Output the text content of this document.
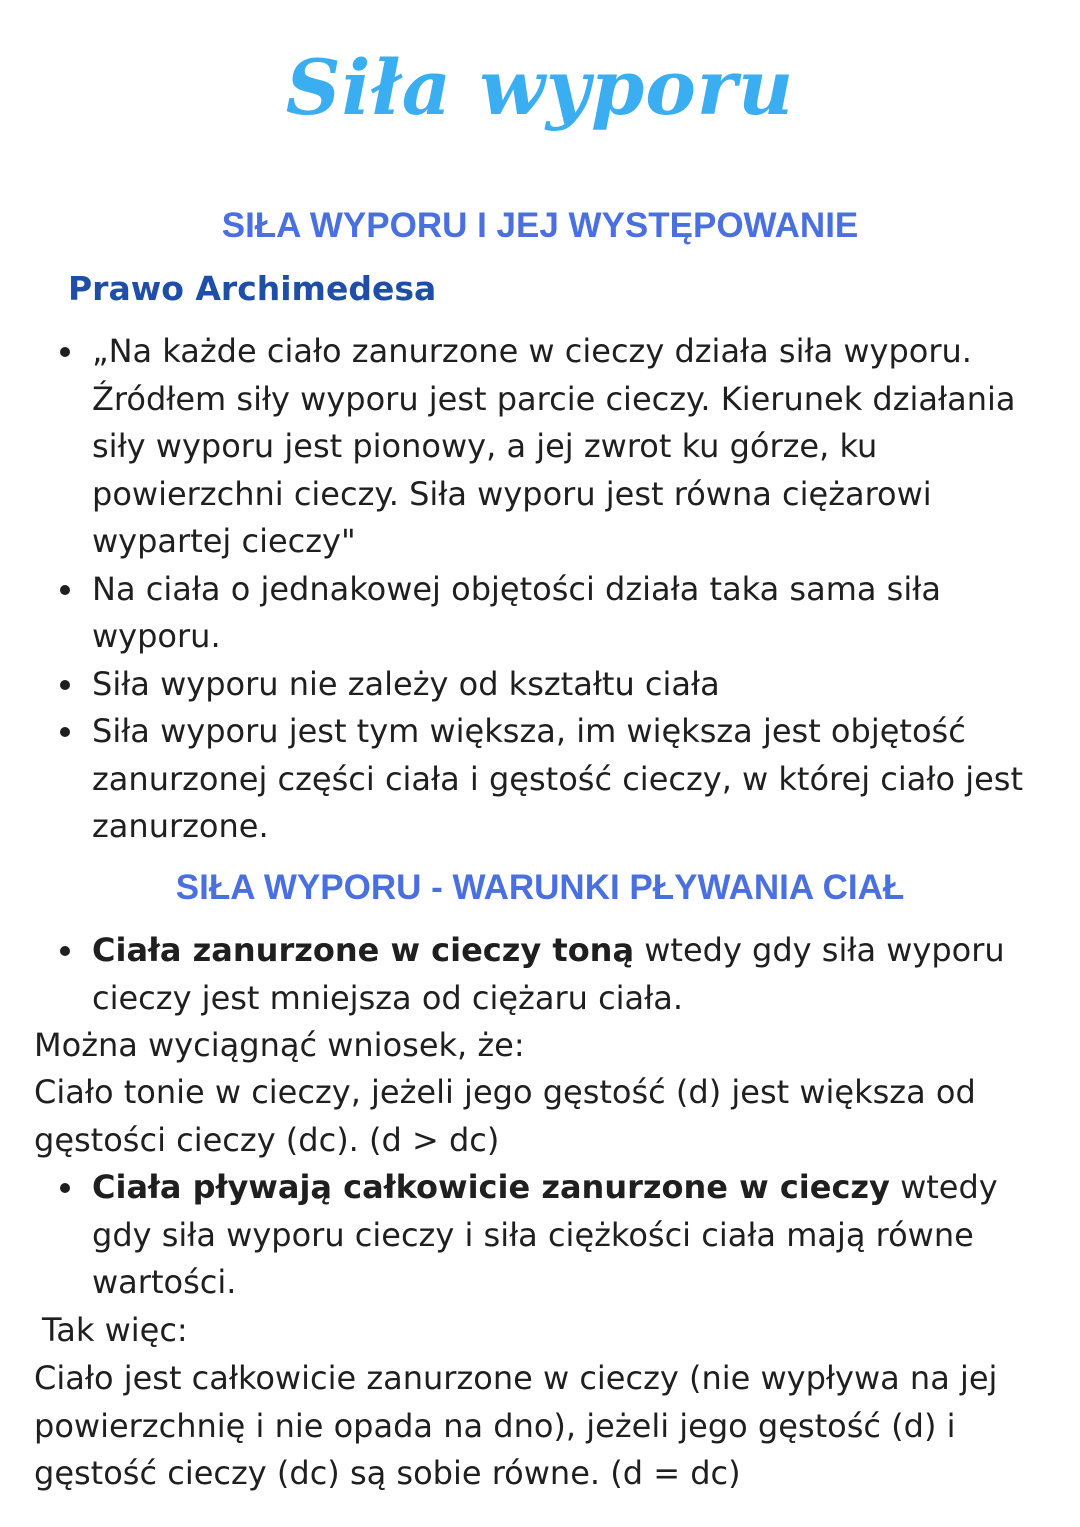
Siła wyporu
SIŁA WYPORU I JEJ WYSTĘPOWANIE
Prawo Archimedesa
„Na każde ciało zanurzone w cieczy działa siła wyporu. Źródłem siły wyporu jest parcie cieczy. Kierunek działania siły wyporu jest pionowy, a jej zwrot ku górze, ku powierzchni cieczy. Siła wyporu jest równa ciężarowi wypartej cieczy"
Na ciała o jednakowej objętości działa taka sama siła wyporu.
Siła wyporu nie zależy od kształtu ciała
Siła wyporu jest tym większa, im większa jest objętość zanurzonej części ciała i gęstość cieczy, w której ciało jest zanurzone.
SIŁA WYPORU - WARUNKI PŁYWANIA CIAŁ
Ciała zanurzone w cieczy toną wtedy gdy siła wyporu cieczy jest mniejsza od ciężaru ciała.

Można wyciągnąć wniosek, że:

Ciało tonie w cieczy, jeżeli jego gęstość (d) jest większa od gęstości cieczy (dc). (d > dc)

Ciała pływają całkowicie zanurzone w cieczy wtedy gdy siła wyporu cieczy i siła ciężkości ciała mają równe wartości.

Tak więc:

Ciało jest całkowicie zanurzone w cieczy (nie wypływa na jej powierzchnię i nie opada na dno), jeżeli jego gęstość (d) i gęstość cieczy (dc) są sobie równe. (d = dc)
